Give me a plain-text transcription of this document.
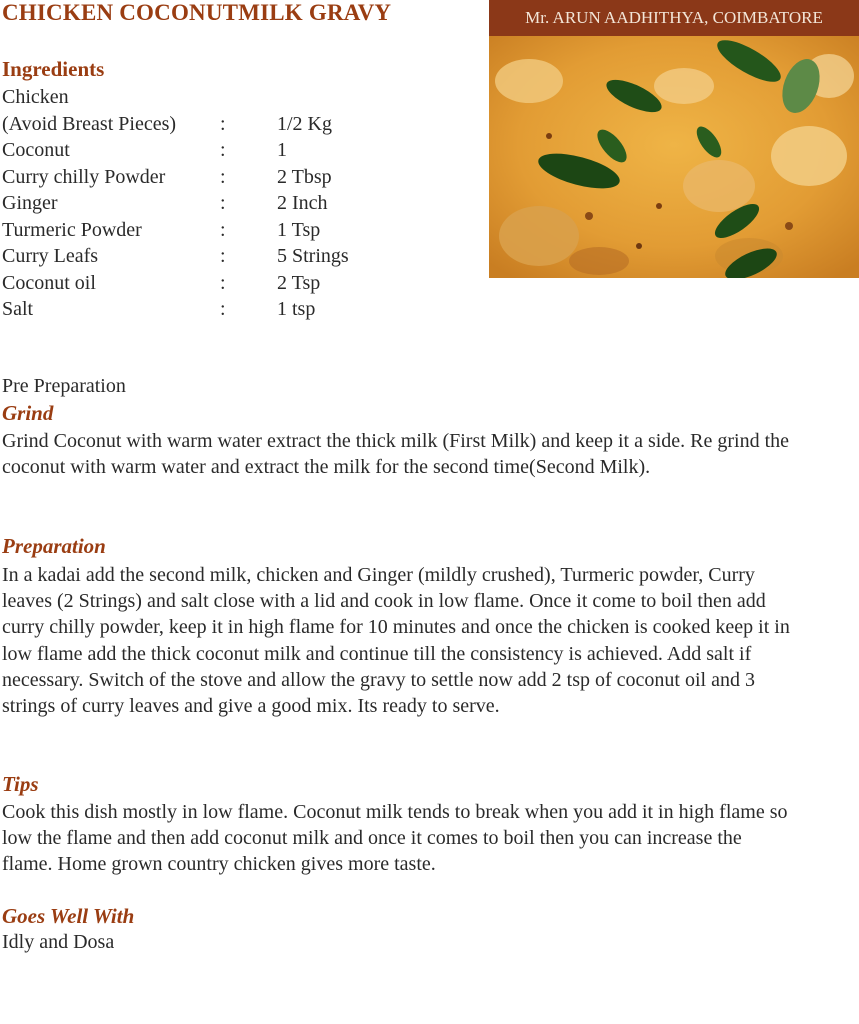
CHICKEN COCONUTMILK GRAVY	Mr. ARUN AADHITHYA, COIMBATORE
Ingredients
Chicken
(Avoid Breast Pieces)	:	1/2 Kg
Coconut	:	1
Curry chilly Powder	:	2 Tbsp
Ginger	:	2 Inch
Turmeric Powder	:	1 Tsp
Curry Leafs	:	5 Strings
Coconut oil	:	2 Tsp
Salt	:	1 tsp
Pre Preparation
Grind
Grind Coconut with warm water extract the thick milk (First Milk) and keep it a side. Re grind the coconut with warm water and extract the milk for the second time(Second Milk).
Preparation
In a kadai add the second milk, chicken and Ginger (mildly crushed), Turmeric powder, Curry leaves (2 Strings) and salt close with a lid and cook in low flame. Once it come to boil then add curry chilly powder, keep it in high flame for 10 minutes and once the chicken is cooked keep it in low flame add the thick coconut milk and continue till the consistency is achieved. Add salt if necessary. Switch of the stove and allow the gravy to settle now add 2 tsp of coconut oil and 3 strings of curry leaves and give a good mix. Its ready to serve.
Tips
Cook this dish mostly in low flame. Coconut milk tends to break when you add it in high flame so low the flame and then add coconut milk and once it comes to boil then you can increase the flame. Home grown country chicken gives more taste.
Goes Well With
Idly and Dosa
